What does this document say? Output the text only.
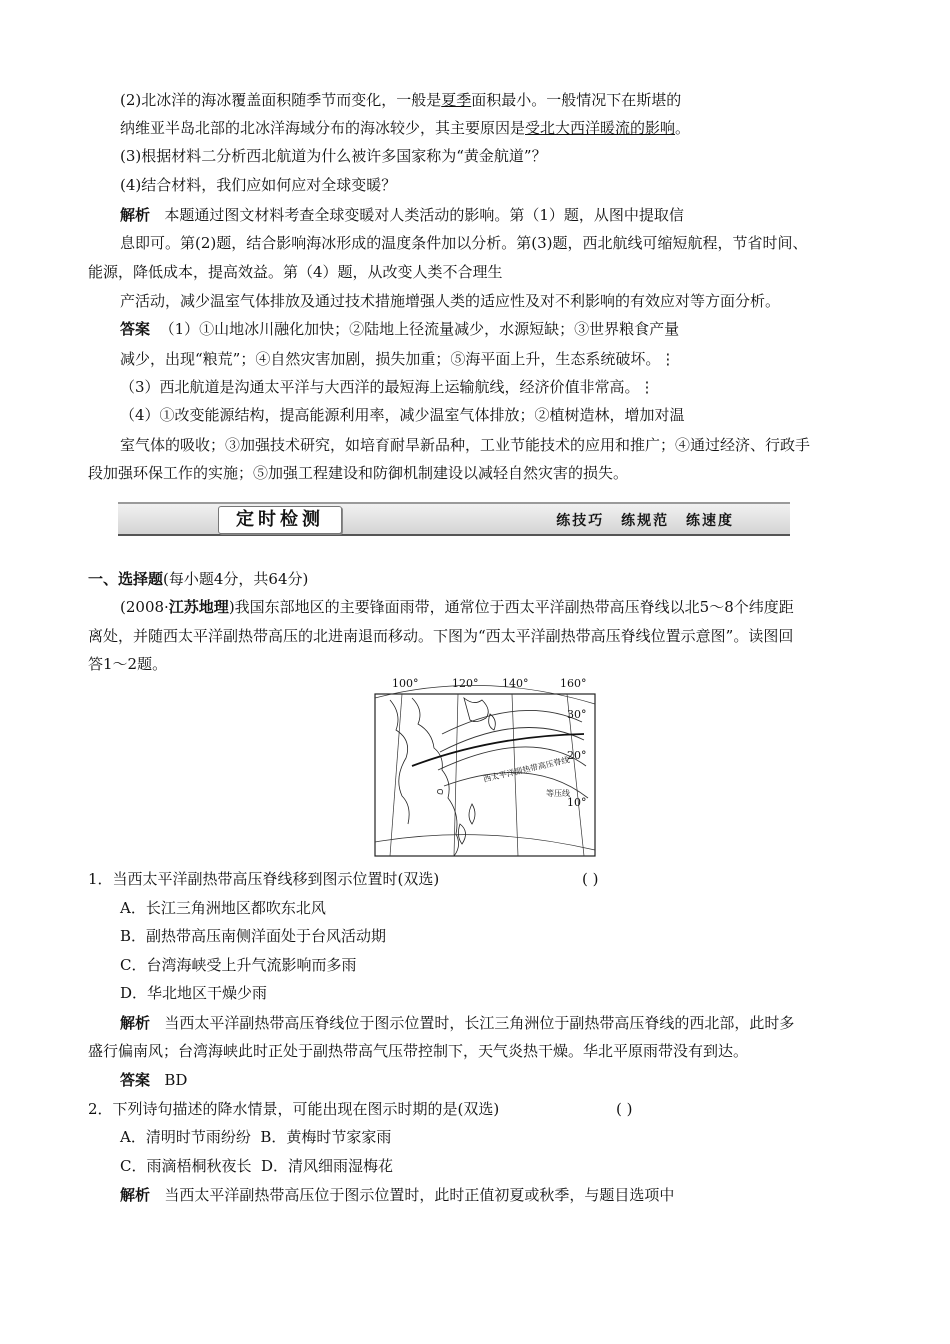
(2)北冰洋的海冰覆盖面积随季节而变化，一般是夏季面积最小。一般情况下在斯堪的
纳维亚半岛北部的北冰洋海域分布的海冰较少，其主要原因是受北大西洋暖流的影响。
(3)根据材料二分析西北航道为什么被许多国家称为“黄金航道”？
(4)结合材料，我们应如何应对全球变暖？
解析 本题通过图文材料考查全球变暖对人类活动的影响。第（1）题，从图中提取信
息即可。第(2)题，结合影响海冰形成的温度条件加以分析。第(3)题，西北航线可缩短航程，节省时间、
能源，降低成本，提高效益。第（4）题，从改变人类不合理生
产活动，减少温室气体排放及通过技术措施增强人类的适应性及对不利影响的有效应对等方面分析。
答案 （1）①山地冰川融化加快；②陆地上径流量减少，水源短缺；③世界粮食产量
减少，出现“粮荒”；④自然灾害加剧，损失加重；⑤海平面上升，生态系统破坏。⋮
（3）西北航道是沟通太平洋与大西洋的最短海上运输航线，经济价值非常高。⋮
（4）①改变能源结构，提高能源利用率，减少温室气体排放；②植树造林，增加对温
室气体的吸收；③加强技术研究，如培育耐旱新品种，工业节能技术的应用和推广；④通过经济、行政手
段加强环保工作的实施；⑤加强工程建设和防御机制建设以减轻自然灾害的损失。
定时检测	练技巧 练规范 练速度
一、选择题(每小题4分，共64分)
(2008·江苏地理)我国东部地区的主要锋面雨带，通常位于西太平洋副热带高压脊线以北5～8个纬度距
离处，并随西太平洋副热带高压的北进南退而移动。下图为“西太平洋副热带高压脊线位置示意图”。读图回
答1～2题。
100°	120° 140°	160°
西太平洋副热带高压脊线
等压线
30°
20°
10°
1．当西太平洋副热带高压脊线移到图示位置时(双选)	( )
A．长江三角洲地区都吹东北风
B．副热带高压南侧洋面处于台风活动期
C．台湾海峡受上升气流影响而多雨
D．华北地区干燥少雨
解析 当西太平洋副热带高压脊线位于图示位置时，长江三角洲位于副热带高压脊线的西北部，此时多
盛行偏南风；台湾海峡此时正处于副热带高气压带控制下，天气炎热干燥。华北平原雨带没有到达。
答案 BD
2．下列诗句描述的降水情景，可能出现在图示时期的是(双选)	( )
A．清明时节雨纷纷  B．黄梅时节家家雨
C．雨滴梧桐秋夜长  D．清风细雨湿梅花
解析 当西太平洋副热带高压位于图示位置时，此时正值初夏或秋季，与题目选项中
